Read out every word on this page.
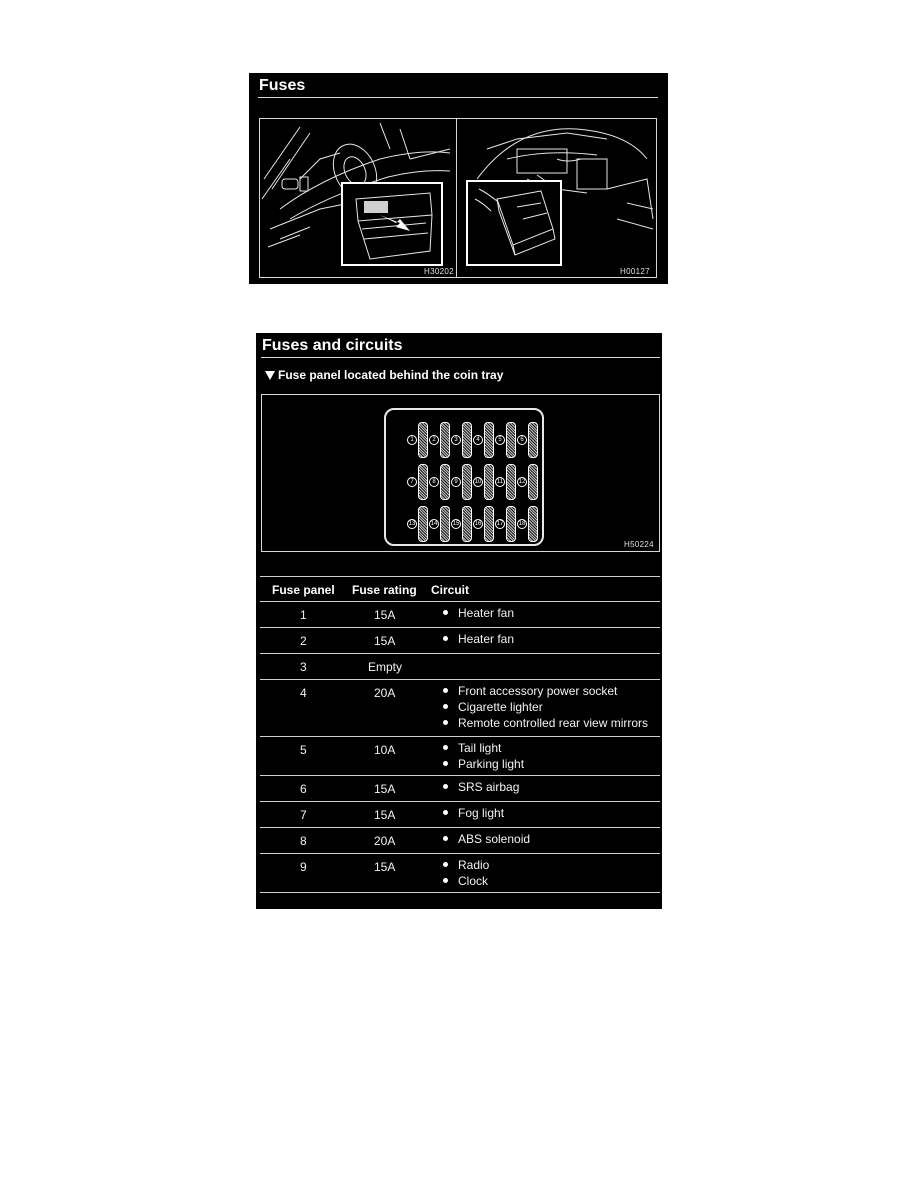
Fuses
H30202	H00127
Fuses and circuits
Fuse panel located behind the coin tray
1	2	3	4	5	6
7	8	9	10	11	12
13	14	15	16	17	18
H50224
Fuse panel Fuse rating Circuit
1	15A	Heater fan
2	15A	Heater fan
3	Empty
4	20A	Front accessory power socket
Cigarette lighter
Remote controlled rear view mirrors
5	10A	Tail light
Parking light
6	15A	SRS airbag
7	15A	Fog light
8	20A	ABS solenoid
9	15A	Radio
Clock
